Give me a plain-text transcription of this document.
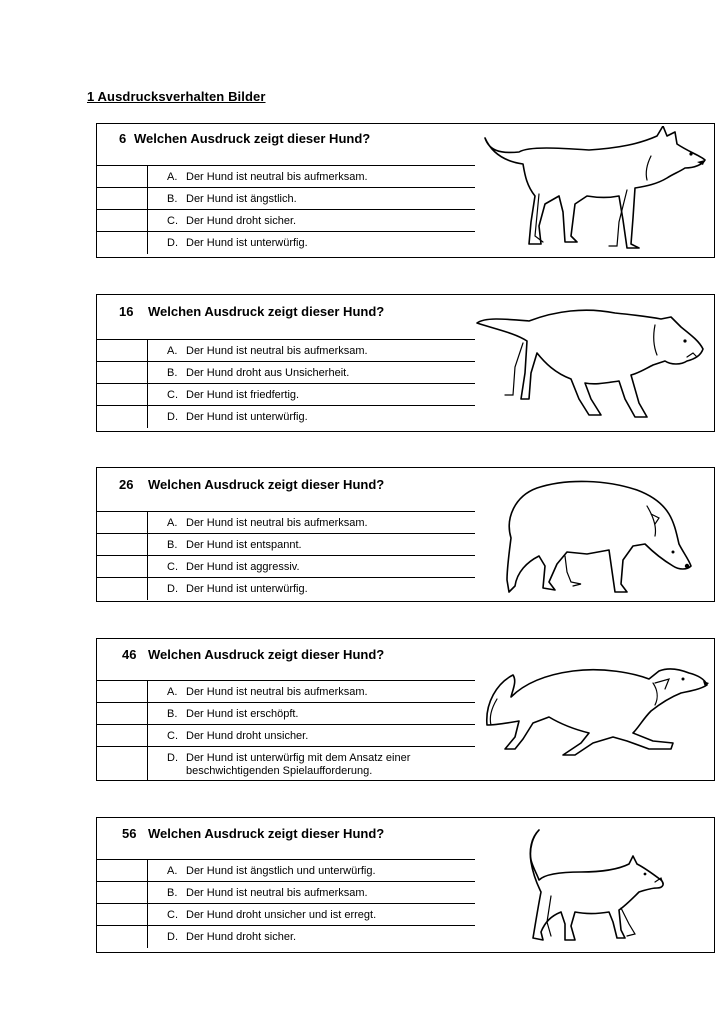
1 Ausdrucksverhalten Bilder
6 Welchen Ausdruck zeigt dieser Hund?
A. Der Hund ist neutral bis aufmerksam.
B. Der Hund ist ängstlich.
C. Der Hund droht sicher.
D. Der Hund ist unterwürfig.
16 Welchen Ausdruck zeigt dieser Hund?
A. Der Hund ist neutral bis aufmerksam.
B. Der Hund droht aus Unsicherheit.
C. Der Hund ist friedfertig.
D. Der Hund ist unterwürfig.
26 Welchen Ausdruck zeigt dieser Hund?
A. Der Hund ist neutral bis aufmerksam.
B. Der Hund ist entspannt.
C. Der Hund ist aggressiv.
D. Der Hund ist unterwürfig.
46 Welchen Ausdruck zeigt dieser Hund?
A. Der Hund ist neutral bis aufmerksam.
B. Der Hund ist erschöpft.
C. Der Hund droht unsicher.
D. Der Hund ist unterwürfig mit dem Ansatz einer beschwichtigenden Spielaufforderung.
56 Welchen Ausdruck zeigt dieser Hund?
A. Der Hund ist ängstlich und unterwürfig.
B. Der Hund ist neutral bis aufmerksam.
C. Der Hund droht unsicher und ist erregt.
D. Der Hund droht sicher.
